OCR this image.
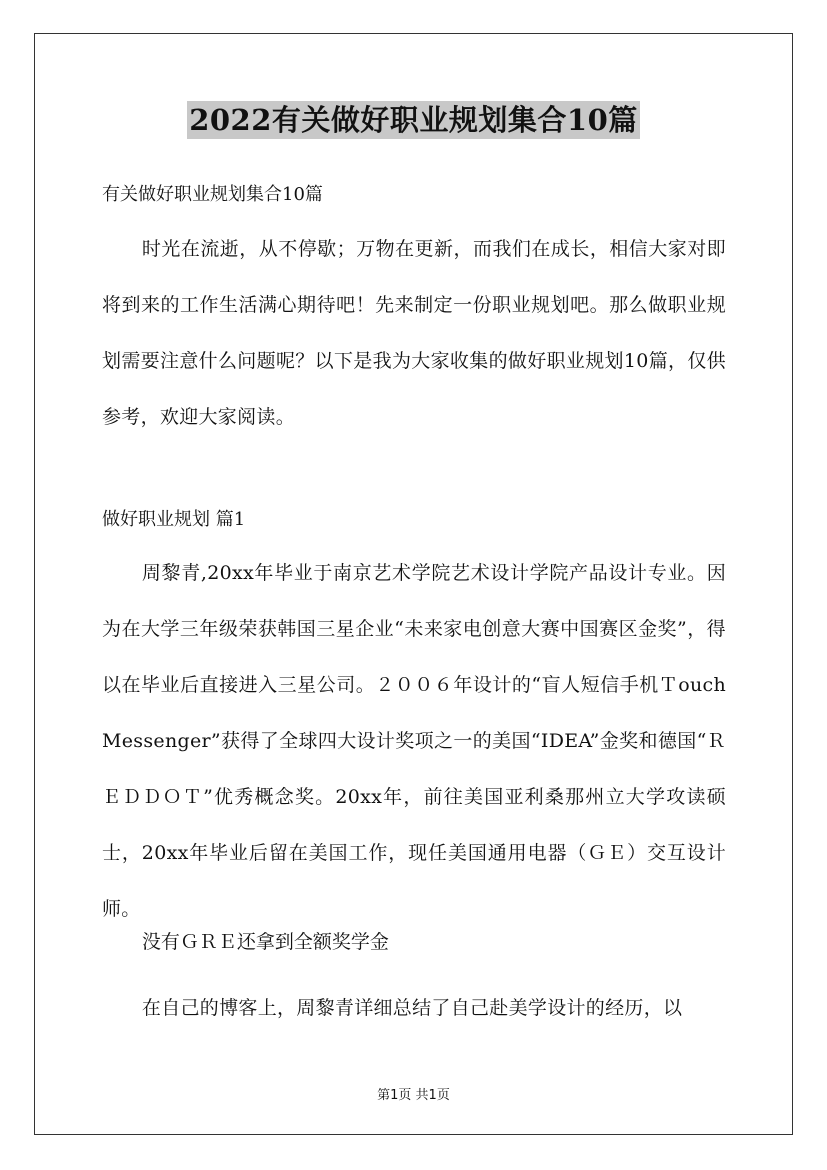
2022有关做好职业规划集合10篇
有关做好职业规划集合10篇
时光在流逝，从不停歇；万物在更新，而我们在成长，相信大家对即将到来的工作生活满心期待吧！先来制定一份职业规划吧。那么做职业规划需要注意什么问题呢？以下是我为大家收集的做好职业规划10篇，仅供参考，欢迎大家阅读。
做好职业规划 篇1
周黎青,20xx年毕业于南京艺术学院艺术设计学院产品设计专业。因为在大学三年级荣获韩国三星企业“未来家电创意大赛中国赛区金奖”，得以在毕业后直接进入三星公司。２００６年设计的“盲人短信手机Ｔouch Messenger”获得了全球四大设计奖项之一的美国“IDEA”金奖和德国“ＲＥＤＤＯＴ”优秀概念奖。20xx年，前往美国亚利桑那州立大学攻读硕士，20xx年毕业后留在美国工作，现任美国通用电器（ＧＥ）交互设计师。
没有ＧＲＥ还拿到全额奖学金
在自己的博客上，周黎青详细总结了自己赴美学设计的经历，以
第1页 共1页
